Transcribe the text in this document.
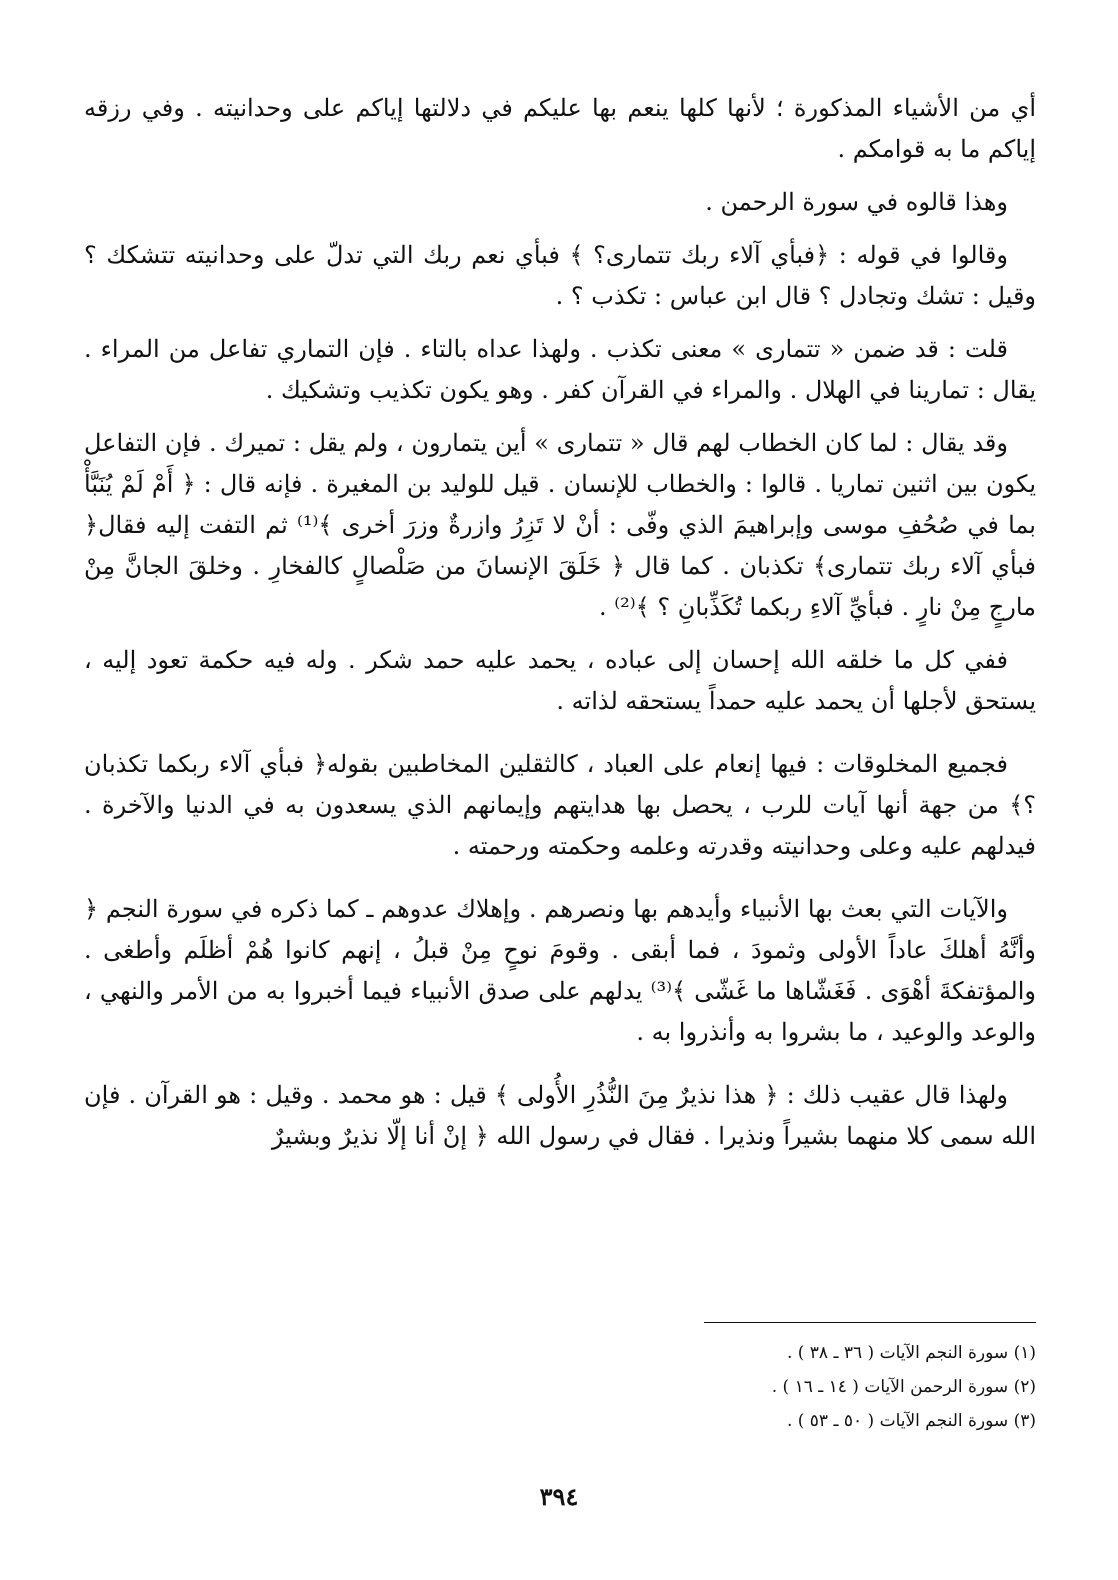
أي من الأشياء المذكورة ؛ لأنها كلها ينعم بها عليكم في دلالتها إياكم على وحدانيته . وفي رزقه إياكم ما به قوامكم .

وهذا قالوه في سورة الرحمن .

وقالوا في قوله : ﴿فبأي آلاء ربك تتمارى؟ ﴾ فبأي نعم ربك التي تدلّ على وحدانيته تتشكك ؟ وقيل : تشك وتجادل ؟ قال ابن عباس : تكذب ؟ .

قلت : قد ضمن « تتمارى » معنى تكذب . ولهذا عداه بالتاء . فإن التماري تفاعل من المراء . يقال : تمارينا في الهلال . والمراء في القرآن كفر . وهو يكون تكذيب وتشكيك .

وقد يقال : لما كان الخطاب لهم قال « تتمارى » أين يتمارون ، ولم يقل : تميرك . فإن التفاعل يكون بين اثنين تماريا . قالوا : والخطاب للإنسان . قيل للوليد بن المغيرة . فإنه قال : ﴿ أَمْ لَمْ يُنَبَّأْ بما في صُحُفِ موسى وإبراهيمَ الذي وفّى : أنْ لا تَزِرُ وازرةٌ وزرَ أخرى ﴾⁽¹⁾ ثم التفت إليه فقال﴿ فبأي آلاء ربك تتمارى﴾ تكذبان . كما قال ﴿ خَلَقَ الإنسانَ من صَلْصالٍ كالفخارِ . وخلقَ الجانَّ مِنْ مارجٍ مِنْ نارٍ . فبأيِّ آلاءِ ربكما تُكَذِّبانِ ؟ ﴾⁽²⁾ .

ففي كل ما خلقه الله إحسان إلى عباده ، يحمد عليه حمد شكر . وله فيه حكمة تعود إليه ، يستحق لأجلها أن يحمد عليه حمداً يستحقه لذاته .

فجميع المخلوقات : فيها إنعام على العباد ، كالثقلين المخاطبين بقوله﴿ فبأي آلاء ربكما تكذبان ؟﴾ من جهة أنها آيات للرب ، يحصل بها هدايتهم وإيمانهم الذي يسعدون به في الدنيا والآخرة . فيدلهم عليه وعلى وحدانيته وقدرته وعلمه وحكمته ورحمته .

والآيات التي بعث بها الأنبياء وأيدهم بها ونصرهم . وإهلاك عدوهم ـ كما ذكره في سورة النجم ﴿ وأنَّهُ أهلكَ عاداً الأولى وثمودَ ، فما أبقى . وقومَ نوحٍ مِنْ قبلُ ، إنهم كانوا هُمْ أظلَم وأطغى . والمؤتفكةَ أهْوَى . فَغَشّاها ما غَشّى ﴾⁽³⁾ يدلهم على صدق الأنبياء فيما أخبروا به من الأمر والنهي ، والوعد والوعيد ، ما بشروا به وأنذروا به .

ولهذا قال عقيب ذلك : ﴿ هذا نذيرٌ مِنَ النُّذُرِ الأُولى ﴾ قيل : هو محمد . وقيل : هو القرآن . فإن الله سمى كلا منهما بشيراً ونذيرا . فقال في رسول الله ﴿ إنْ أنا إلّا نذيرٌ وبشيرٌ

(١) سورة النجم الآيات ( ٣٦ ـ ٣٨ ) .

(٢) سورة الرحمن الآيات ( ١٤ ـ ١٦ ) .

(٣) سورة النجم الآيات ( ٥٠ ـ ٥٣ ) .

٣٩٤
